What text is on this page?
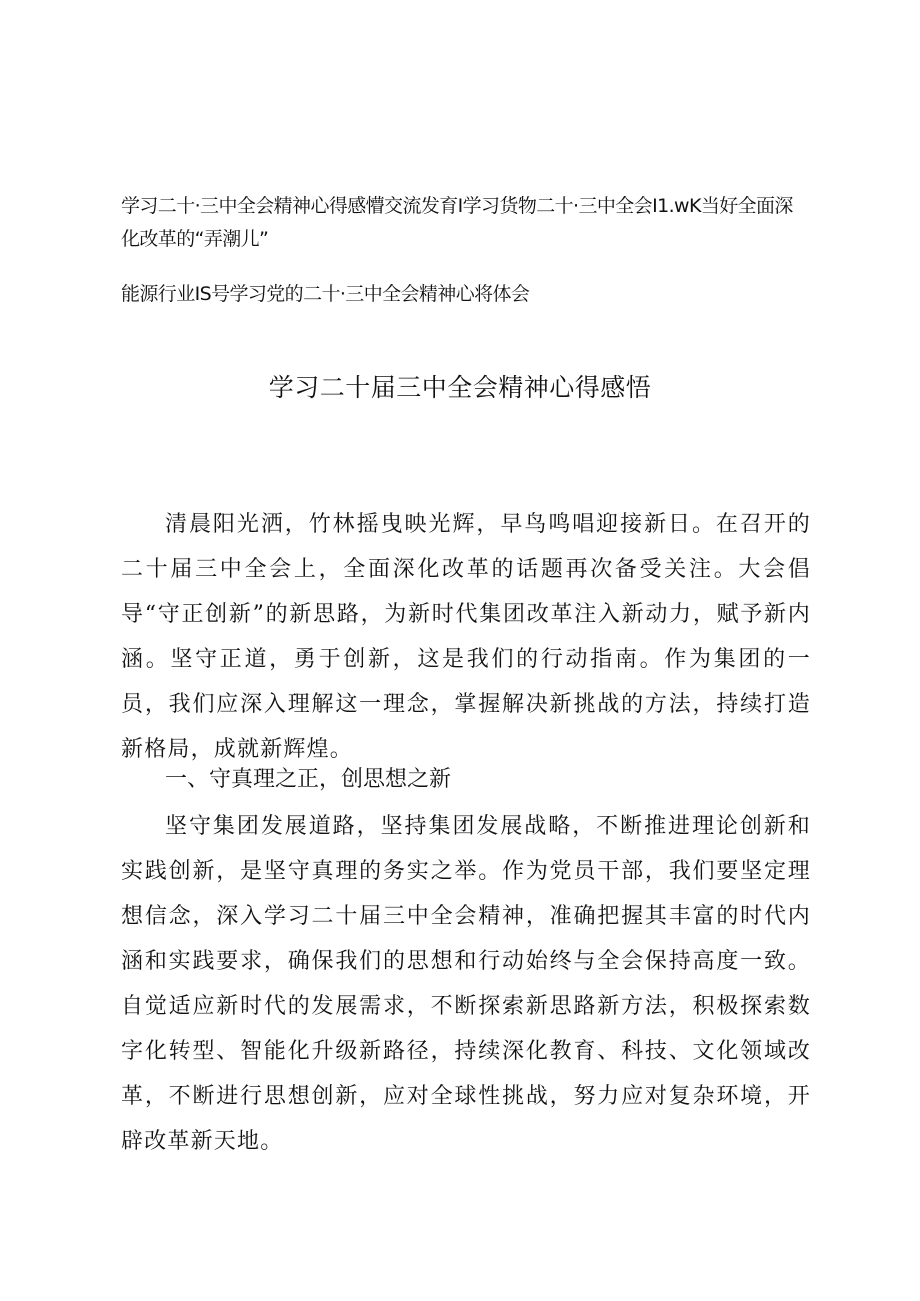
学习二十·三中全会精神心得感懵交流发育I学习货物二十·三中全会I1.wK当好全面深化改革的“弄潮儿”
能源行业IS号学习党的二十·三中全会精神心将体会
学习二十届三中全会精神心得感悟
清晨阳光洒，竹林摇曳映光辉，早鸟鸣唱迎接新日。在召开的二十届三中全会上，全面深化改革的话题再次备受关注。大会倡导“守正创新”的新思路，为新时代集团改革注入新动力，赋予新内涵。坚守正道，勇于创新，这是我们的行动指南。作为集团的一员，我们应深入理解这一理念，掌握解决新挑战的方法，持续打造新格局，成就新辉煌。
一、守真理之正，创思想之新
坚守集团发展道路，坚持集团发展战略，不断推进理论创新和实践创新，是坚守真理的务实之举。作为党员干部，我们要坚定理想信念，深入学习二十届三中全会精神，准确把握其丰富的时代内涵和实践要求，确保我们的思想和行动始终与全会保持高度一致。自觉适应新时代的发展需求，不断探索新思路新方法，积极探索数字化转型、智能化升级新路径，持续深化教育、科技、文化领域改革，不断进行思想创新，应对全球性挑战，努力应对复杂环境，开辟改革新天地。
